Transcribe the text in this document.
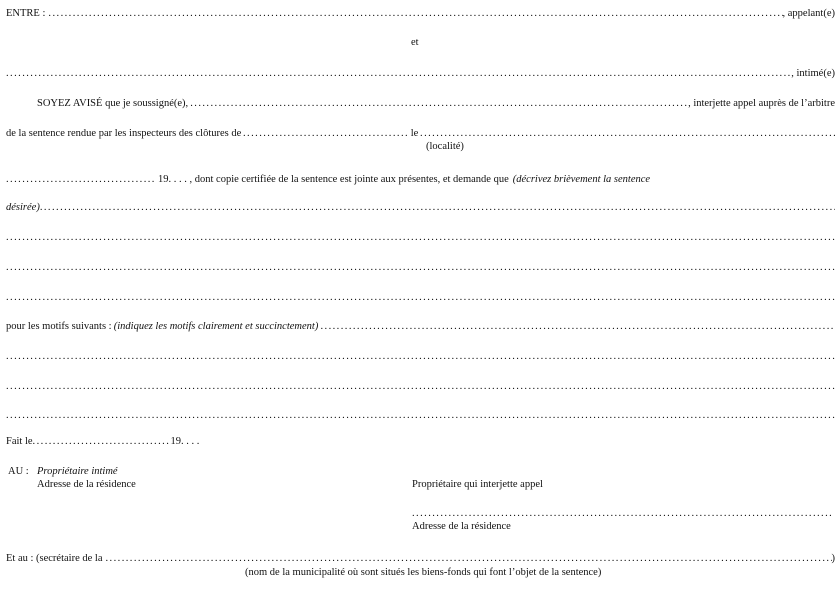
ENTRE : . . .	, appelant(e)
et
. . .
, intimé(e)
SOYEZ AVISÉ que je soussigné(e), . . .	, interjette appel auprès de l’arbitre
de la sentence rendue par les inspecteurs des clôtures de . . .	le
. . .
(localité)
. . .
19. . . . , dont copie certifiée de la sentence est jointe aux présentes, et demande que (décrivez brièvement la sentence
désirée)
. . .
. . .
. . .
. . .
pour les motifs suivants : (indiquez les motifs clairement et succinctement)
. . .
. . .
. . .
. . .
Fait le . . .	19. . . .
AU : Propriétaire intimé
Adresse de la résidence	Propriétaire qui interjette appel
. . .
Adresse de la résidence
Et au : (secrétaire de la . . .	)
(nom de la municipalité où sont situés les biens-fonds qui font l’objet de la sentence)
